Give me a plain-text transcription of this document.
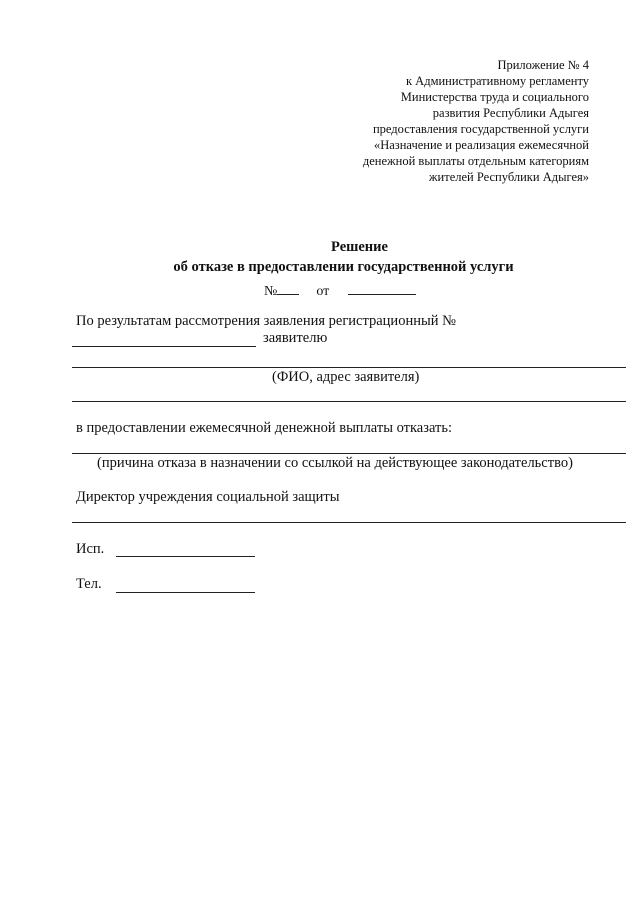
Приложение № 4
к Административному регламенту
Министерства труда и социального
развития Республики Адыгея
предоставления государственной услуги
«Назначение и реализация ежемесячной
денежной выплаты отдельным категориям
жителей Республики Адыгея»
Решение
об отказе в предоставлении государственной услуги
№	от
По результатам рассмотрения заявления регистрационный №
заявителю
(ФИО, адрес заявителя)
в предоставлении ежемесячной денежной выплаты отказать:
(причина отказа в назначении со ссылкой на действующее законодательство)
Директор учреждения социальной защиты
Исп.
Тел.
